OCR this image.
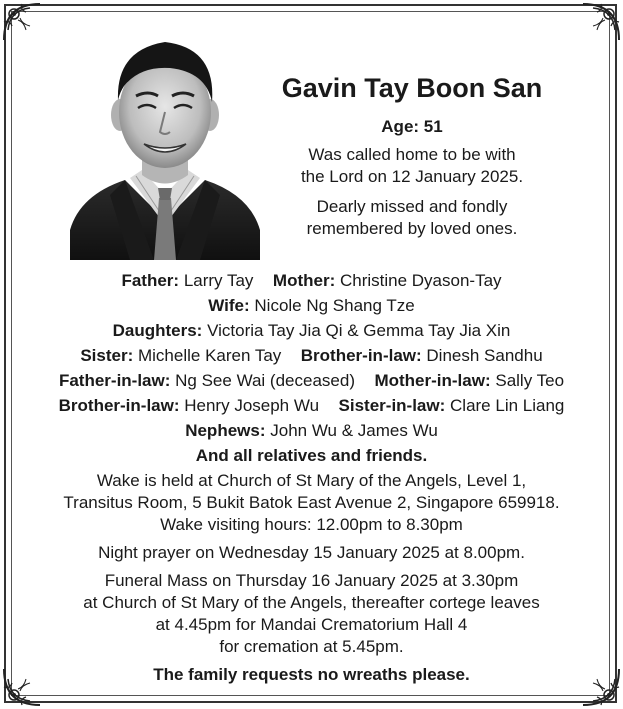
Gavin Tay Boon San
Age: 51
Was called home to be with
the Lord on 12 January 2025.
Dearly missed and fondly
remembered by loved ones.
Father: Larry Tay Mother: Christine Dyason-Tay
Wife: Nicole Ng Shang Tze
Daughters: Victoria Tay Jia Qi & Gemma Tay Jia Xin
Sister: Michelle Karen Tay Brother-in-law: Dinesh Sandhu
Father-in-law: Ng See Wai (deceased) Mother-in-law: Sally Teo
Brother-in-law: Henry Joseph Wu Sister-in-law: Clare Lin Liang
Nephews: John Wu & James Wu
And all relatives and friends.
Wake is held at Church of St Mary of the Angels, Level 1,
Transitus Room, 5 Bukit Batok East Avenue 2, Singapore 659918.
Wake visiting hours: 12.00pm to 8.30pm
Night prayer on Wednesday 15 January 2025 at 8.00pm.
Funeral Mass on Thursday 16 January 2025 at 3.30pm
at Church of St Mary of the Angels, thereafter cortege leaves
at 4.45pm for Mandai Crematorium Hall 4
for cremation at 5.45pm.
The family requests no wreaths please.
